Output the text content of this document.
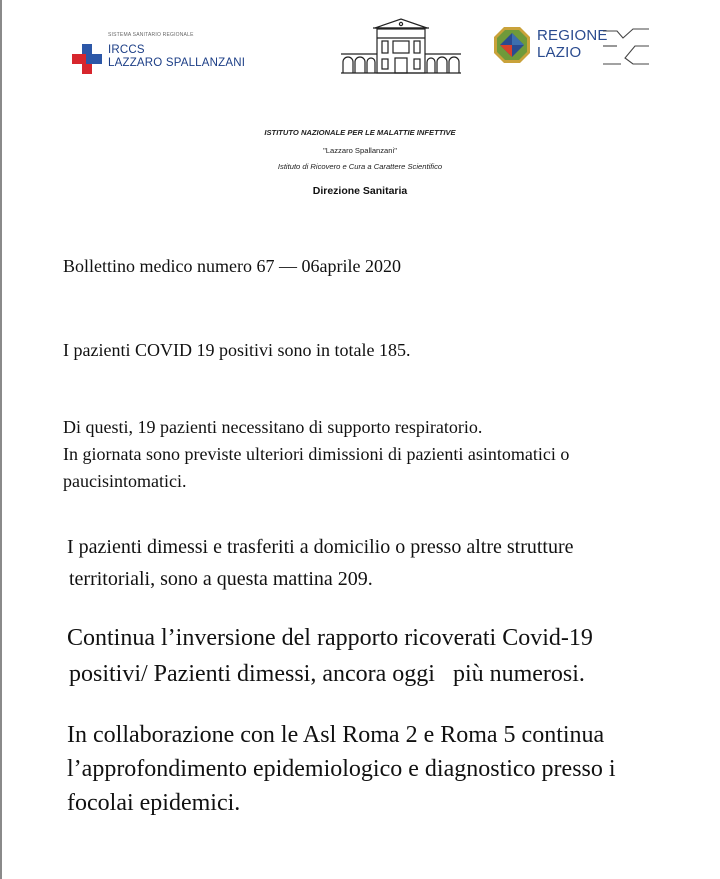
SISTEMA SANITARIO REGIONALE
IRCCS
LAZZARO SPALLANZANI
REGIONE
LAZIO
ISTITUTO NAZIONALE PER LE MALATTIE INFETTIVE
"Lazzaro Spallanzani"
Istituto di Ricovero e Cura a Carattere Scientifico
Direzione Sanitaria

Bollettino medico numero 67 — 06aprile 2020

I pazienti COVID 19 positivi sono in totale 185.

Di questi, 19 pazienti necessitano di supporto respiratorio.
In giornata sono previste ulteriori dimissioni di pazienti asintomatici o
paucisintomatici.
I pazienti dimessi e trasferiti a domicilio o presso altre strutture
territoriali, sono a questa mattina 209.
Continua l’inversione del rapporto ricoverati Covid-19
positivi/ Pazienti dimessi, ancora oggi   più numerosi.
In collaborazione con le Asl Roma 2 e Roma 5 continua
l’approfondimento epidemiologico e diagnostico presso i
focolai epidemici.
